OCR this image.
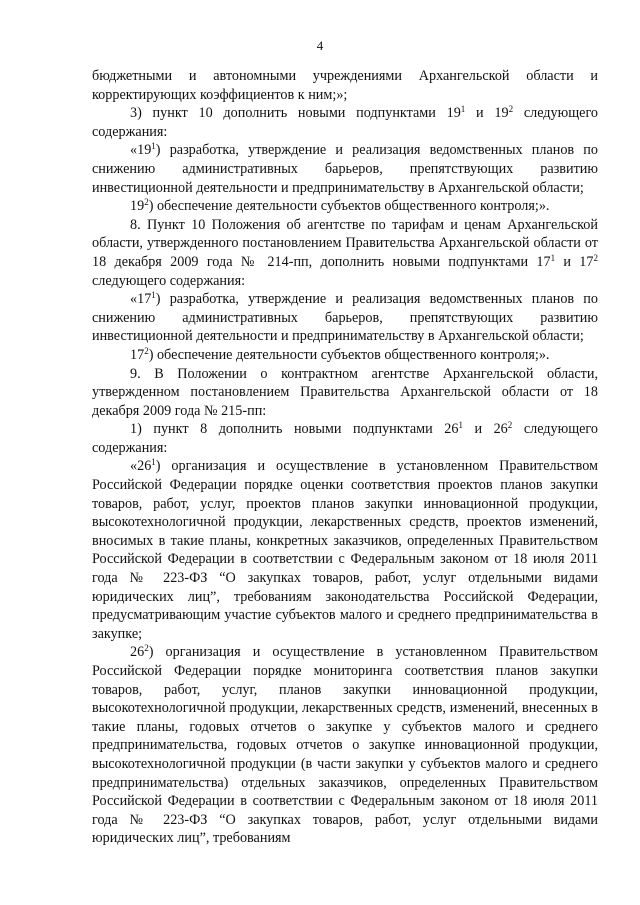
4

бюджетными и автономными учреждениями Архангельской области и корректирующих коэффициентов к ним;»;

3) пункт 10 дополнить новыми подпунктами $19^1$ и $19^2$ следующего содержания:

«$19^1$) разработка, утверждение и реализация ведомственных планов по снижению административных барьеров, препятствующих развитию инвестиционной деятельности и предпринимательству в Архангельской области;

$19^2$) обеспечение деятельности субъектов общественного контроля;».

8. Пункт 10 Положения об агентстве по тарифам и ценам Архангельской области, утвержденного постановлением Правительства Архангельской области от 18 декабря 2009 года № 214-пп, дополнить новыми подпунктами $17^1$ и $17^2$ следующего содержания:

«$17^1$) разработка, утверждение и реализация ведомственных планов по снижению административных барьеров, препятствующих развитию инвестиционной деятельности и предпринимательству в Архангельской области;

$17^2$) обеспечение деятельности субъектов общественного контроля;».

9. В Положении о контрактном агентстве Архангельской области, утвержденном постановлением Правительства Архангельской области от 18 декабря 2009 года № 215-пп:

1) пункт 8 дополнить новыми подпунктами $26^1$ и $26^2$ следующего содержания:

«$26^1$) организация и осуществление в установленном Правительством Российской Федерации порядке оценки соответствия проектов планов закупки товаров, работ, услуг, проектов планов закупки инновационной продукции, высокотехнологичной продукции, лекарственных средств, проектов изменений, вносимых в такие планы, конкретных заказчиков, определенных Правительством Российской Федерации в соответствии с Федеральным законом от 18 июля 2011 года № 223-ФЗ “О закупках товаров, работ, услуг отдельными видами юридических лиц”, требованиям законодательства Российской Федерации, предусматривающим участие субъектов малого и среднего предпринимательства в закупке;

$26^2$) организация и осуществление в установленном Правительством Российской Федерации порядке мониторинга соответствия планов закупки товаров, работ, услуг, планов закупки инновационной продукции, высокотехнологичной продукции, лекарственных средств, изменений, внесенных в такие планы, годовых отчетов о закупке у субъектов малого и среднего предпринимательства, годовых отчетов о закупке инновационной продукции, высокотехнологичной продукции (в части закупки у субъектов малого и среднего предпринимательства) отдельных заказчиков, определенных Правительством Российской Федерации в соответствии с Федеральным законом от 18 июля 2011 года № 223-ФЗ “О закупках товаров, работ, услуг отдельными видами юридических лиц”, требованиям
